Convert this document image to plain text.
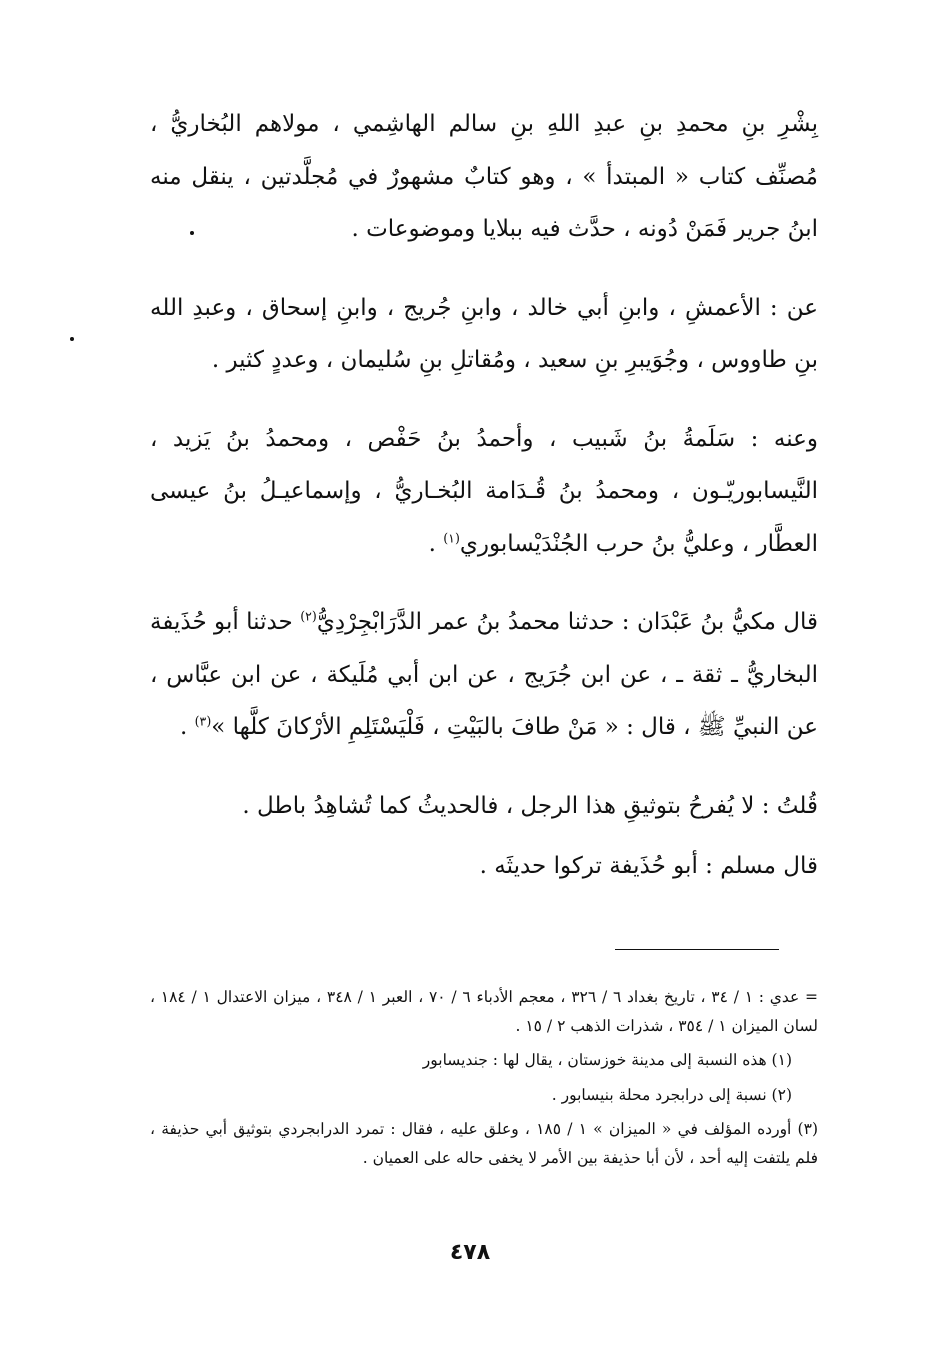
بِشْرِ بنِ محمدِ بنِ عبدِ اللهِ بنِ سالم الهاشِمي ، مولاهم البُخاريُّ ، مُصنِّف كتاب « المبتدأ » ، وهو كتابٌ مشهورٌ في مُجلَّدتين ، ينقل منه ابنُ جرير فَمَنْ دُونه ، حدَّث فيه ببلايا وموضوعات .

عن : الأعمشِ ، وابنِ أبي خالد ، وابنِ جُريج ، وابنِ إسحاق ، وعبدِ الله بنِ طاووس ، وجُوَيبرِ بنِ سعيد ، ومُقاتلِ بنِ سُليمان ، وعددٍ كثير .

وعنه : سَلَمةُ بنُ شَبيب ، وأحمدُ بنُ حَفْص ، ومحمدُ بنُ يَزيد ، النَّيسابوريّـون ، ومحمدُ بنُ قُـدَامة البُخـاريُّ ، وإسماعيـلُ بنُ عيسى العطَّار ، وعليُّ بنُ حرب الجُنْدَيْسابوري$^{(١)}$ .

قال مكيُّ بنُ عَبْدَان : حدثنا محمدُ بنُ عمر الدَّرَابْجِرْدِيُّ$^{(٢)}$ حدثنا أبو حُذَيفة البخاريُّ ـ ثقة ـ ، عن ابن جُرَيج ، عن ابن أبي مُلَيكة ، عن ابن عبَّاس ، عن النبيِّ ﷺ ، قال : « مَنْ طافَ بالبَيْتِ ، فَلْيَسْتَلِمِ الأرْكانَ كلَّها »$^{(٣)}$ .

قُلتُ : لا يُفرحُ بتوثيقِ هذا الرجل ، فالحديثُ كما تُشاهِدُ باطل .

قال مسلم : أبو حُذَيفة تركوا حديثَه .

= عدي : ١ / ٣٤ ، تاريخ بغداد ٦ / ٣٢٦ ، معجم الأدباء ٦ / ٧٠ ، العبر ١ / ٣٤٨ ، ميزان الاعتدال ١ / ١٨٤ ، لسان الميزان ١ / ٣٥٤ ، شذرات الذهب ٢ / ١٥ .

(١) هذه النسبة إلى مدينة خوزستان ، يقال لها : جنديسابور

(٢) نسبة إلى درابجرد محلة بنيسابور .

(٣) أورده المؤلف في « الميزان » ١ / ١٨٥ ، وعلق عليه ، فقال : تمرد الدرابجردي بتوثيق أبي حذيفة ، فلم يلتفت إليه أحد ، لأن أبا حذيفة بين الأمر لا يخفى حاله على العميان .

٤٧٨
